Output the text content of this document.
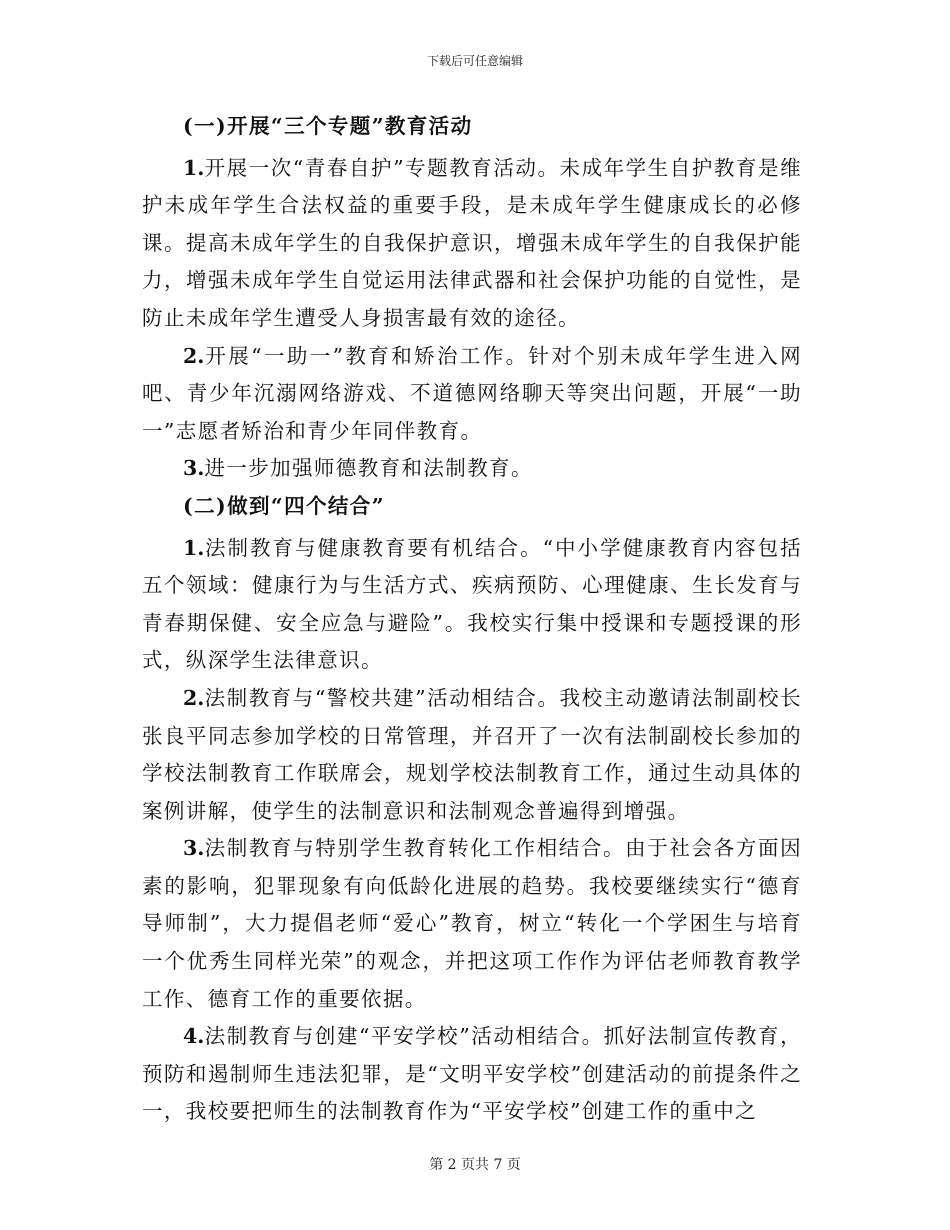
下载后可任意编辑

(一)开展“三个专题”教育活动

1.开展一次“青春自护”专题教育活动。未成年学生自护教育是维护未成年学生合法权益的重要手段，是未成年学生健康成长的必修课。提高未成年学生的自我保护意识，增强未成年学生的自我保护能力，增强未成年学生自觉运用法律武器和社会保护功能的自觉性，是防止未成年学生遭受人身损害最有效的途径。

2.开展“一助一”教育和矫治工作。针对个别未成年学生进入网吧、青少年沉溺网络游戏、不道德网络聊天等突出问题，开展“一助一”志愿者矫治和青少年同伴教育。

3.进一步加强师德教育和法制教育。

(二)做到“四个结合”

1.法制教育与健康教育要有机结合。“中小学健康教育内容包括五个领域：健康行为与生活方式、疾病预防、心理健康、生长发育与青春期保健、安全应急与避险”。我校实行集中授课和专题授课的形式，纵深学生法律意识。

2.法制教育与“警校共建”活动相结合。我校主动邀请法制副校长张良平同志参加学校的日常管理，并召开了一次有法制副校长参加的学校法制教育工作联席会，规划学校法制教育工作，通过生动具体的案例讲解，使学生的法制意识和法制观念普遍得到增强。

3.法制教育与特别学生教育转化工作相结合。由于社会各方面因素的影响，犯罪现象有向低龄化进展的趋势。我校要继续实行“德育导师制”，大力提倡老师“爱心”教育，树立“转化一个学困生与培育一个优秀生同样光荣”的观念，并把这项工作作为评估老师教育教学工作、德育工作的重要依据。

4.法制教育与创建“平安学校”活动相结合。抓好法制宣传教育，预防和遏制师生违法犯罪，是“文明平安学校”创建活动的前提条件之一，我校要把师生的法制教育作为“平安学校”创建工作的重中之

第 2 页共 7 页
